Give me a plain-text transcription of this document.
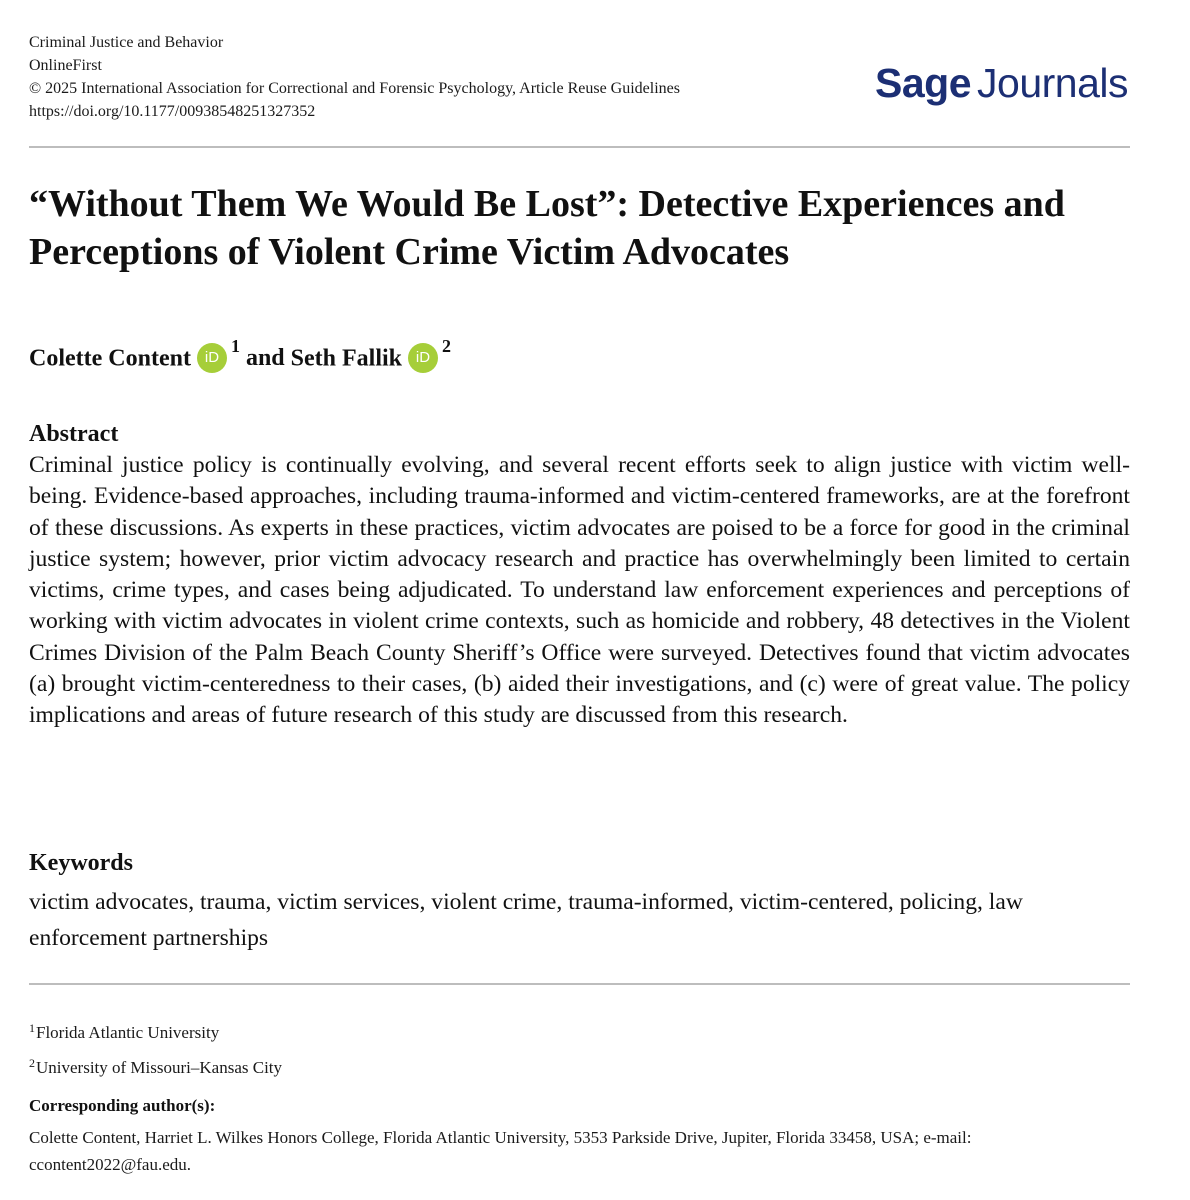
Criminal Justice and Behavior
OnlineFirst
© 2025 International Association for Correctional and Forensic Psychology, Article Reuse Guidelines
https://doi.org/10.1177/00938548251327352
Sage Journals
“Without Them We Would Be Lost”: Detective Experiences and Perceptions of Violent Crime Victim Advocates
Colette Content iD$^1$ and Seth Fallik iD$^2$
Abstract

Criminal justice policy is continually evolving, and several recent efforts seek to align justice with victim well-being. Evidence-based approaches, including trauma-informed and victim-centered frameworks, are at the forefront of these discussions. As experts in these practices, victim advocates are poised to be a force for good in the criminal justice system; however, prior victim advocacy research and practice has overwhelmingly been limited to certain victims, crime types, and cases being adjudicated. To understand law enforcement experiences and perceptions of working with victim advocates in violent crime contexts, such as homicide and robbery, 48 detectives in the Violent Crimes Division of the Palm Beach County Sheriff’s Office were surveyed. Detectives found that victim advocates (a) brought victim-centeredness to their cases, (b) aided their investigations, and (c) were of great value. The policy implications and areas of future research of this study are discussed from this research.

Keywords

victim advocates, trauma, victim services, violent crime, trauma-informed, victim-centered, policing, law enforcement partnerships

$^1$Florida Atlantic University
$^2$University of Missouri–Kansas City
Corresponding author(s):

Colette Content, Harriet L. Wilkes Honors College, Florida Atlantic University, 5353 Parkside Drive, Jupiter, Florida 33458, USA; e-mail: ccontent2022@fau.edu.
